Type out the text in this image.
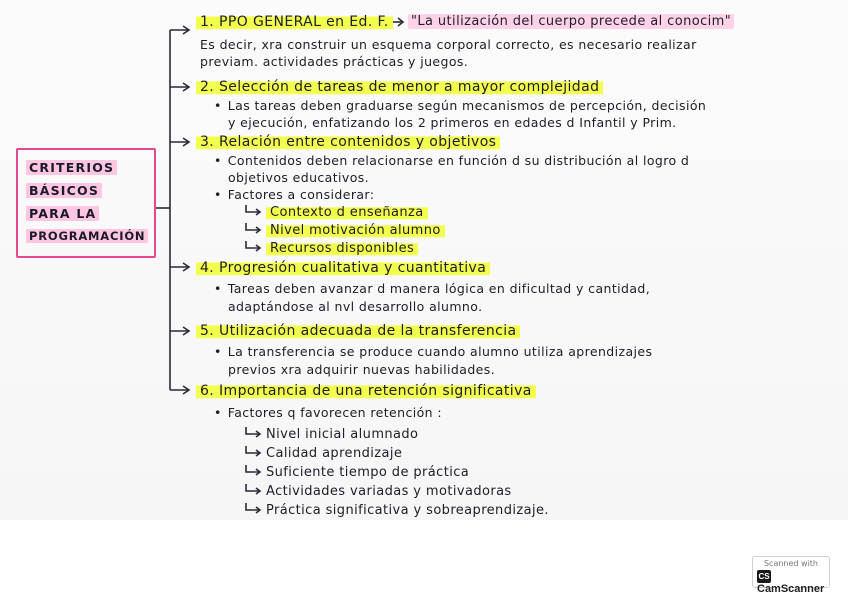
CRITERIOS
BÁSICOS
PARA LA
PROGRAMACIÓN
1. PPO GENERAL en Ed. F.	"La utilización del cuerpo precede al conocim"
Es decir, xra construir un esquema corporal correcto, es necesario realizar
previam. actividades prácticas y juegos.
2. Selección de tareas de menor a mayor complejidad
• Las tareas deben graduarse según mecanismos de percepción, decisión
y ejecución, enfatizando los 2 primeros en edades d Infantil y Prim.
3. Relación entre contenidos y objetivos
• Contenidos deben relacionarse en función d su distribución al logro d
objetivos educativos.
• Factores a considerar:
Contexto d enseñanza
Nivel motivación alumno
Recursos disponibles
4. Progresión cualitativa y cuantitativa
• Tareas deben avanzar d manera lógica en dificultad y cantidad,
adaptándose al nvl desarrollo alumno.
5. Utilización adecuada de la transferencia
• La transferencia se produce cuando alumno utiliza aprendizajes
previos xra adquirir nuevas habilidades.
6. Importancia de una retención significativa
• Factores q favorecen retención :
Nivel inicial alumnado
Calidad aprendizaje
Suficiente tiempo de práctica
Actividades variadas y motivadoras
Práctica significativa y sobreaprendizaje.
Scanned with
CSCamScanner
